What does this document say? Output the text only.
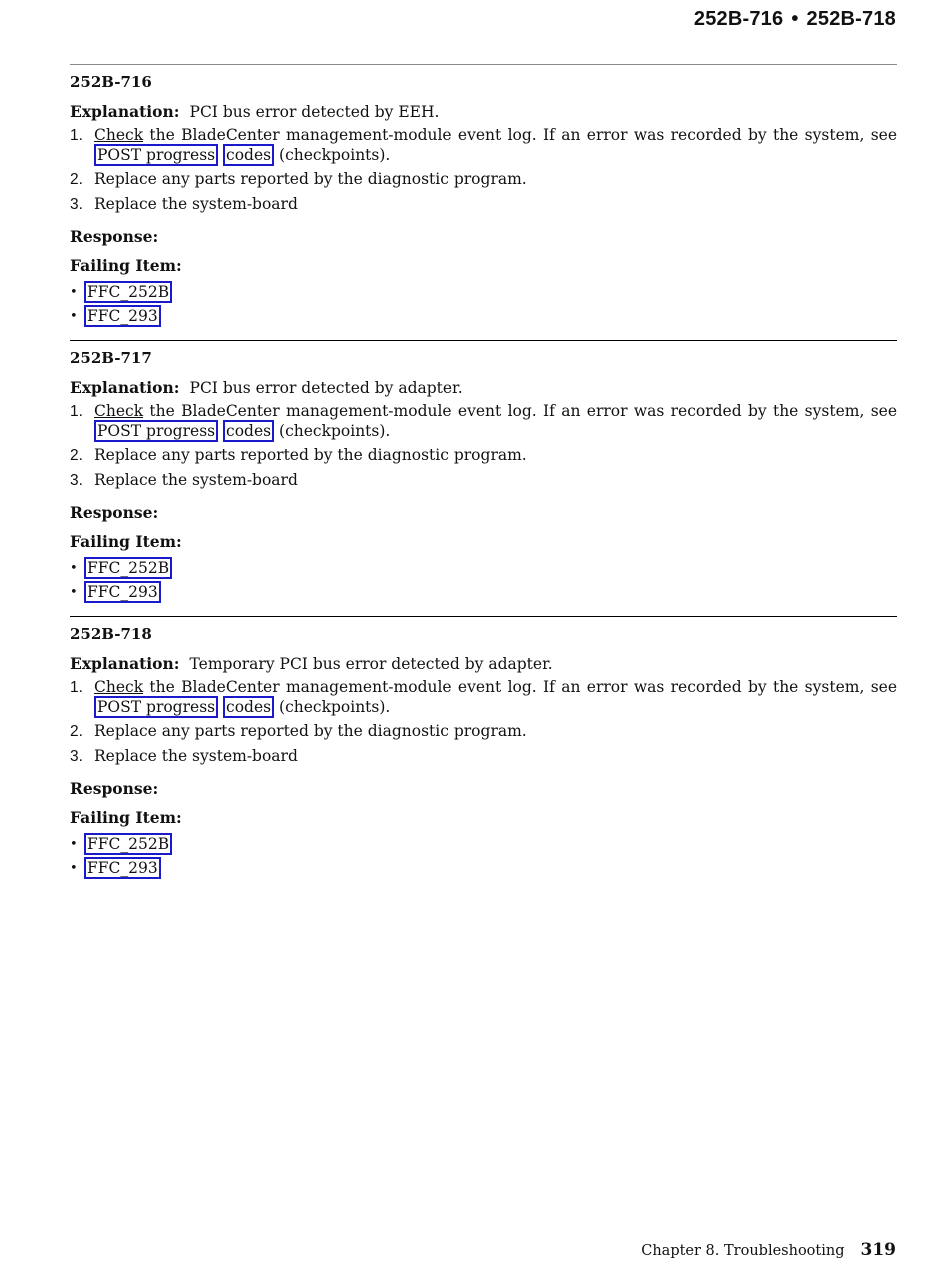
252B-716 • 252B-718
252B-716
Explanation: PCI bus error detected by EEH.
1. Check the BladeCenter management-module event log. If an error was recorded by the system, see POST progress codes (checkpoints).
2. Replace any parts reported by the diagnostic program.
3. Replace the system-board
Response:
Failing Item:
• FFC_252B
• FFC_293
252B-717
Explanation: PCI bus error detected by adapter.
1. Check the BladeCenter management-module event log. If an error was recorded by the system, see POST progress codes (checkpoints).
2. Replace any parts reported by the diagnostic program.
3. Replace the system-board
Response:
Failing Item:
• FFC_252B
• FFC_293
252B-718
Explanation: Temporary PCI bus error detected by adapter.
1. Check the BladeCenter management-module event log. If an error was recorded by the system, see POST progress codes (checkpoints).
2. Replace any parts reported by the diagnostic program.
3. Replace the system-board
Response:
Failing Item:
• FFC_252B
• FFC_293
Chapter 8. Troubleshooting 319
